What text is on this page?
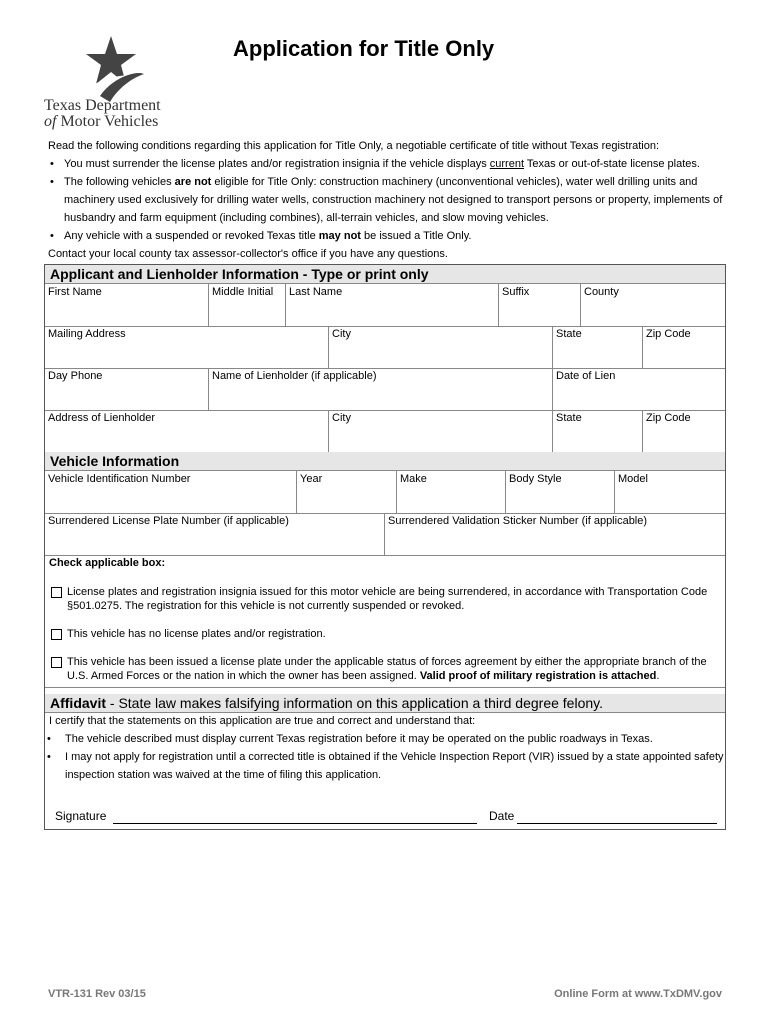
Texas Department
of Motor Vehicles
Application for Title Only

Read the following conditions regarding this application for Title Only, a negotiable certificate of title without Texas registration:

• You must surrender the license plates and/or registration insignia if the vehicle displays current Texas or out-of-state license plates.
• The following vehicles are not eligible for Title Only: construction machinery (unconventional vehicles), water well drilling units and machinery used exclusively for drilling water wells, construction machinery not designed to transport persons or property, implements of husbandry and farm equipment (including combines), all-terrain vehicles, and slow moving vehicles.
• Any vehicle with a suspended or revoked Texas title may not be issued a Title Only.

Contact your local county tax assessor-collector's office if you have any questions.

Applicant and Lienholder Information - Type or print only
First Name	Middle Initial	Last Name	Suffix	County
Mailing Address	City	State	Zip Code
Day Phone	Name of Lienholder (if applicable)	Date of Lien
Address of Lienholder	City	State	Zip Code
Vehicle Information
Vehicle Identification Number	Year	Make	Body Style	Model
Surrendered License Plate Number (if applicable)	Surrendered Validation Sticker Number (if applicable)
Check applicable box:
License plates and registration insignia issued for this motor vehicle are being surrendered, in accordance with Transportation Code §501.0275. The registration for this vehicle is not currently suspended or revoked.
This vehicle has no license plates and/or registration.
This vehicle has been issued a license plate under the applicable status of forces agreement by either the appropriate branch of the U.S. Armed Forces or the nation in which the owner has been assigned. Valid proof of military registration is attached.
Affidavit - State law makes falsifying information on this application a third degree felony.

I certify that the statements on this application are true and correct and understand that:

• The vehicle described must display current Texas registration before it may be operated on the public roadways in Texas.
• I may not apply for registration until a corrected title is obtained if the Vehicle Inspection Report (VIR) issued by a state appointed safety inspection station was waived at the time of filing this application.
Signature	Date
VTR-131 Rev 03/15	Online Form at www.TxDMV.gov
